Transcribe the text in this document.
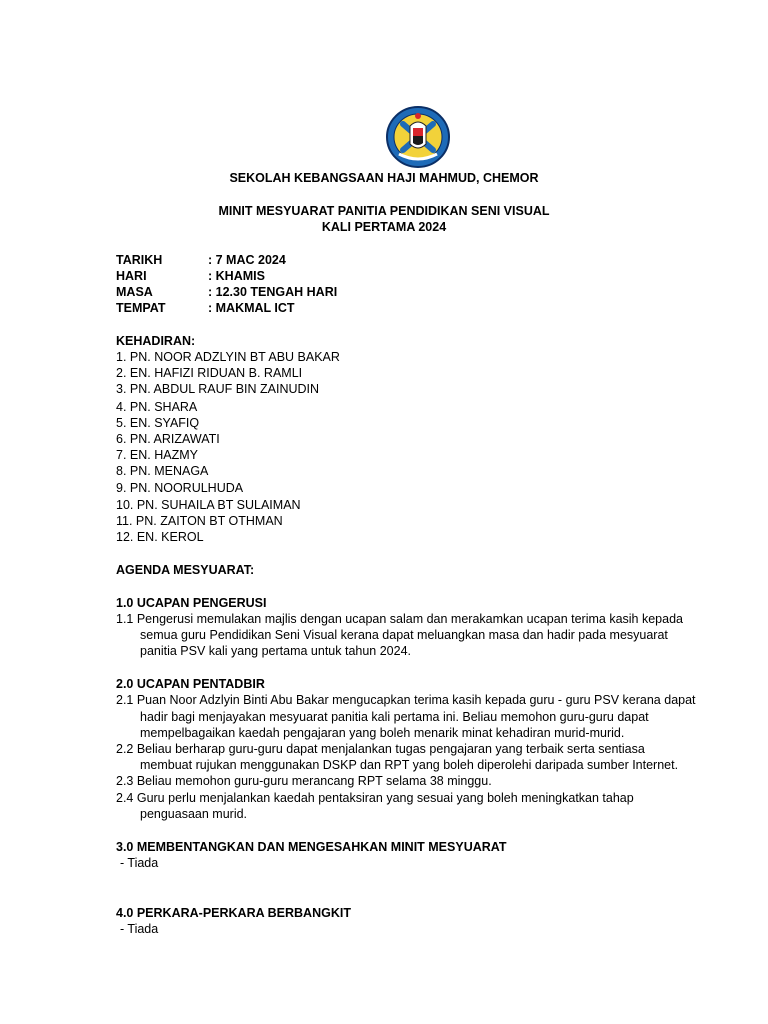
SEKOLAH KEBANGSAAN HAJI MAHMUD, CHEMOR
MINIT MESYUARAT PANITIA PENDIDIKAN SENI VISUAL
KALI PERTAMA 2024
TARIKH	: 7 MAC 2024
HARI	: KHAMIS
MASA	: 12.30 TENGAH HARI
TEMPAT	: MAKMAL ICT
KEHADIRAN:
1. PN. NOOR ADZLYIN BT ABU BAKAR
2. EN. HAFIZI RIDUAN B. RAMLI
3. PN. ABDUL RAUF BIN ZAINUDIN
4. PN. SHARA
5. EN. SYAFIQ
6. PN. ARIZAWATI
7. EN. HAZMY
8. PN. MENAGA
9. PN. NOORULHUDA
10. PN. SUHAILA BT SULAIMAN
11. PN. ZAITON BT OTHMAN
12. EN. KEROL
AGENDA MESYUARAT:
1.0 UCAPAN PENGERUSI
1.1 Pengerusi memulakan majlis dengan ucapan salam dan merakamkan ucapan terima kasih kepada
semua guru Pendidikan Seni Visual kerana dapat meluangkan masa dan hadir pada mesyuarat
panitia PSV kali yang pertama untuk tahun 2024.
2.0 UCAPAN PENTADBIR
2.1 Puan Noor Adzlyin Binti Abu Bakar mengucapkan terima kasih kepada guru - guru PSV kerana dapat
hadir bagi menjayakan mesyuarat panitia kali pertama ini. Beliau memohon guru-guru dapat
mempelbagaikan kaedah pengajaran yang boleh menarik minat kehadiran murid-murid.
2.2 Beliau berharap guru-guru dapat menjalankan tugas pengajaran yang terbaik serta sentiasa
membuat rujukan menggunakan DSKP dan RPT yang boleh diperolehi daripada sumber Internet.
2.3 Beliau memohon guru-guru merancang RPT selama 38 minggu.
2.4 Guru perlu menjalankan kaedah pentaksiran yang sesuai yang boleh meningkatkan tahap
penguasaan murid.
3.0 MEMBENTANGKAN DAN MENGESAHKAN MINIT MESYUARAT
- Tiada
4.0 PERKARA-PERKARA BERBANGKIT
- Tiada
